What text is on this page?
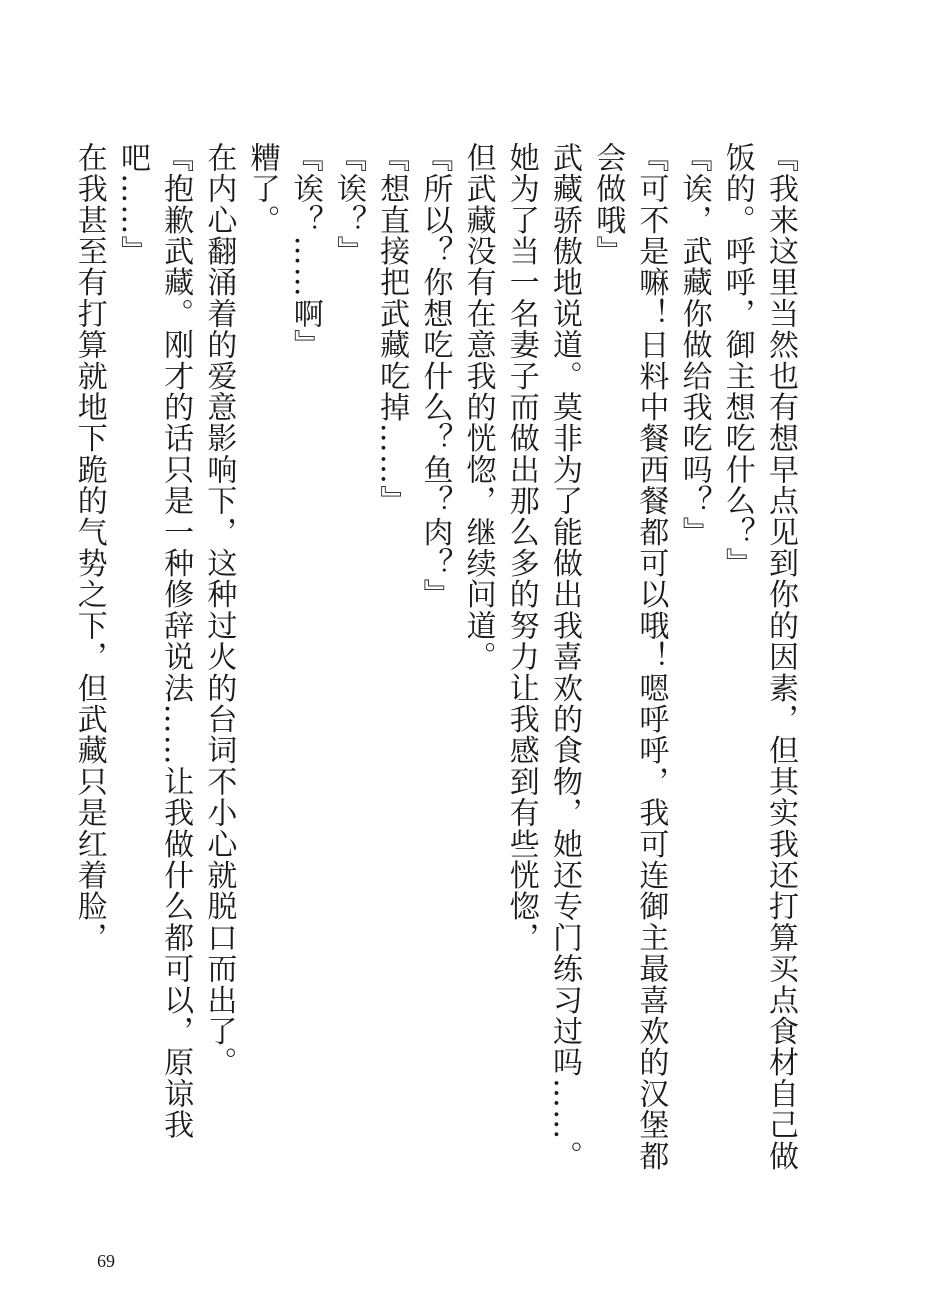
『我来这里当然也有想早点见到你的因素，但其实我还打算买点食材自己做饭的。呼呼，御主想吃什么？』

『诶，武藏你做给我吃吗？』

『可不是嘛！日料中餐西餐都可以哦！嗯呼呼，我可连御主最喜欢的汉堡都会做哦』

武藏骄傲地说道。莫非为了能做出我喜欢的食物，她还专门练习过吗……。

她为了当一名妻子而做出那么多的努力让我感到有些恍惚，

但武藏没有在意我的恍惚，继续问道。

『所以？你想吃什么？鱼？肉？』

『想直接把武藏吃掉……』

『诶？』

『诶？……啊』

糟了。

在内心翻涌着的爱意影响下，这种过火的台词不小心就脱口而出了。

『抱歉武藏。刚才的话只是一种修辞说法……让我做什么都可以，原谅我吧……』

在我甚至有打算就地下跪的气势之下，但武藏只是红着脸，

69
